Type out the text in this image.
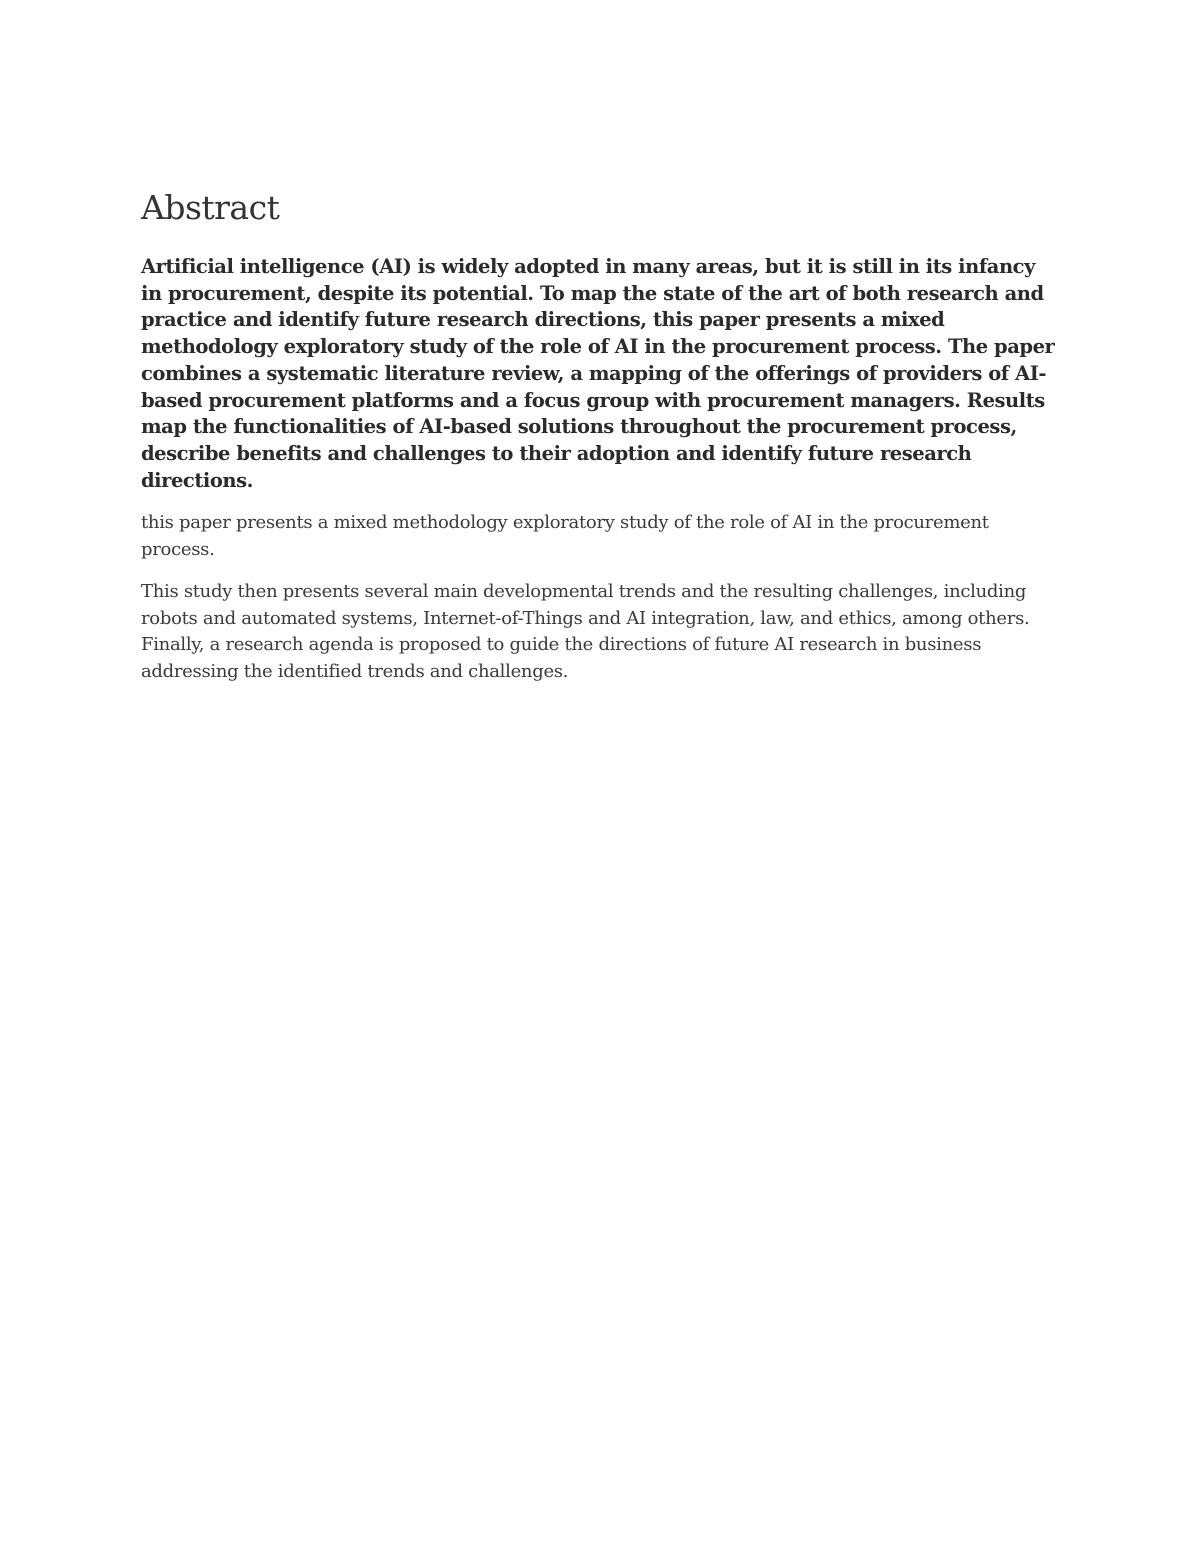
Abstract

Artificial intelligence (AI) is widely adopted in many areas, but it is still in its infancy in procurement, despite its potential. To map the state of the art of both research and practice and identify future research directions, this paper presents a mixed methodology exploratory study of the role of AI in the procurement process. The paper combines a systematic literature review, a mapping of the offerings of providers of AI-based procurement platforms and a focus group with procurement managers. Results map the functionalities of AI-based solutions throughout the procurement process, describe benefits and challenges to their adoption and identify future research directions.

this paper presents a mixed methodology exploratory study of the role of AI in the procurement process.

This study then presents several main developmental trends and the resulting challenges, including robots and automated systems, Internet-of-Things and AI integration, law, and ethics, among others. Finally, a research agenda is proposed to guide the directions of future AI research in business addressing the identified trends and challenges.
